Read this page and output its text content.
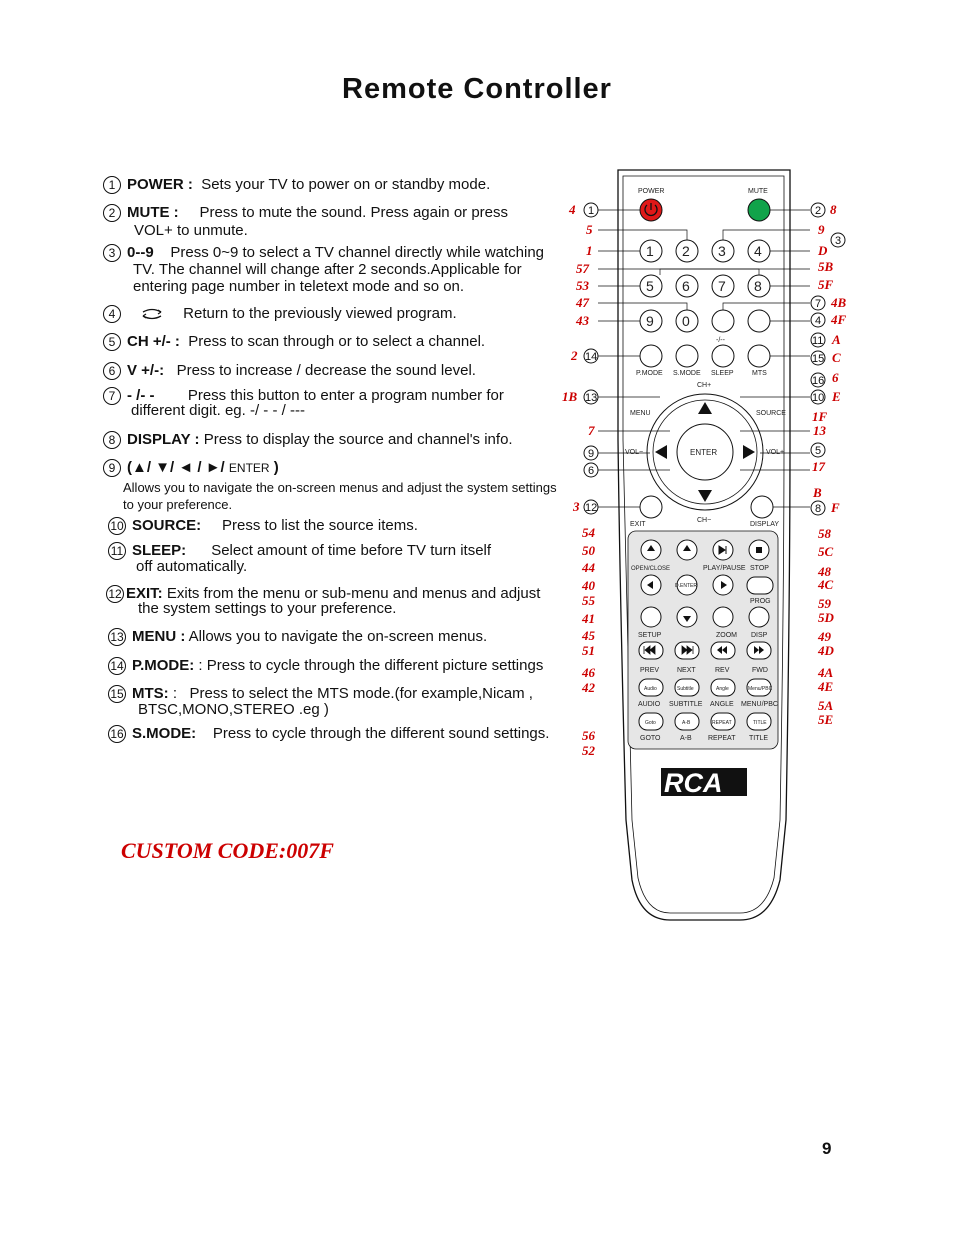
Remote Controller
1 POWER : Sets your TV to power on or standby mode.
2 MUTE : Press to mute the sound. Press again or press
VOL+ to unmute.
3 0--9 Press 0~9 to select a TV channel directly while watching
TV. The channel will change after 2 seconds.Applicable for
entering page number in teletext mode and so on.
4	Return to the previously viewed program.
5 CH +/- : Press to scan through or to select a channel.
6 V +/-: Press to increase / decrease the sound level.
7 - /- - Press this button to enter a program number for
different digit. eg. -/ - - / ---
8 DISPLAY : Press to display the source and channel's info.
9 (▲/ ▼/ ◄ / ►/ ENTER )
Allows you to navigate the on-screen menus and adjust the system settings to your preference.
10 SOURCE: Press to list the source items.
11 SLEEP: Select amount of time before TV turn itself
off automatically.
12 EXIT: Exits from the menu or sub-menu and menus and adjust
the system settings to your preference.
13 MENU : Allows you to navigate the on-screen menus.
14 P.MODE: : Press to cycle through the different picture settings
15 MTS: :   Press to select the MTS mode.(for example,Nicam ,
BTSC,MONO,STEREO .eg )
16 S.MODE: Press to cycle through the different sound settings.
CUSTOM CODE:007F
9
POWER	MUTE
1 2 3 4
5 6 7 8
9 0
-/--
P.MODE S.MODE SLEEP	MTS
CH+
ENTER
MENU	SOURCE
VOL−	VOL+
EXIT
CH−
DISPLAY
OPEN/CLOSE	PLAY/PAUSE STOP
D.ENTER
PROG
SETUP	ZOOM DISP
PREV	NEXT	REV	FWD
Audio	Subtitle	Angle	Menu/PBC
AUDIO SUBTITLE ANGLE MENU/PBC
Goto	A-B	REPEAT	TITLE
GOTO	A-B REPEAT TITLE
RCA
4 1
5
1
57
53
47
43
2 14
1B 13
7
9
6
3 12
54
50
44
40
55
41
45
51
46
42
56
52
2 8
9
D
3
5B
5F
7 4B
4 4F
11 A
15 C
16 6
10 E
1F
13
5
17
B
8 F
58
5C
48
4C
59
5D
49
4D
4A
4E
5A
5E
